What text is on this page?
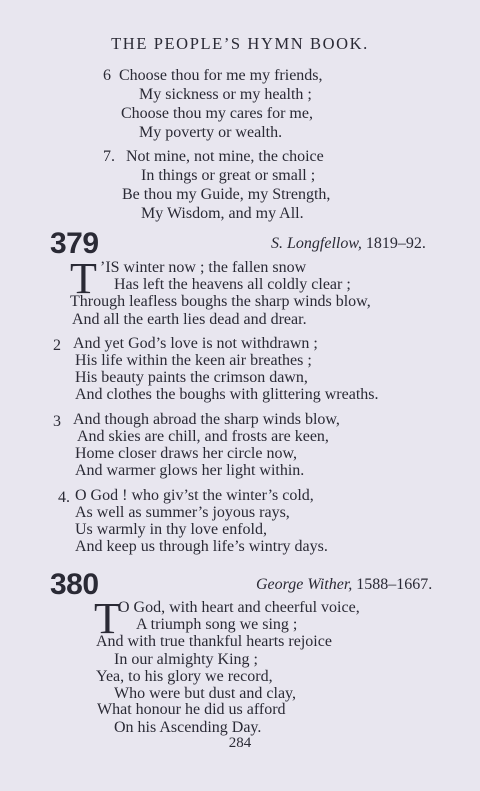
THE PEOPLE’S HYMN BOOK.
6 Choose thou for me my friends,
My sickness or my health ;
Choose thou my cares for me,
My poverty or wealth.
7. Not mine, not mine, the choice
In things or great or small ;
Be thou my Guide, my Strength,
My Wisdom, and my All.
379	S. Longfellow, 1819–92.
T ’IS winter now ; the fallen snow
Has left the heavens all coldly clear ;
Through leafless boughs the sharp winds blow,
And all the earth lies dead and drear.
2 And yet God’s love is not withdrawn ;
His life within the keen air breathes ;
His beauty paints the crimson dawn,
And clothes the boughs with glittering wreaths.
3 And though abroad the sharp winds blow,
And skies are chill, and frosts are keen,
Home closer draws her circle now,
And warmer glows her light within.
4. O God ! who giv’st the winter’s cold,
As well as summer’s joyous rays,
Us warmly in thy love enfold,
And keep us through life’s wintry days.
380	George Wither, 1588–1667.
T
O God, with heart and cheerful voice,
A triumph song we sing ;
And with true thankful hearts rejoice
In our almighty King ;
Yea, to his glory we record,
Who were but dust and clay,
What honour he did us afford
On his Ascending Day.
284
